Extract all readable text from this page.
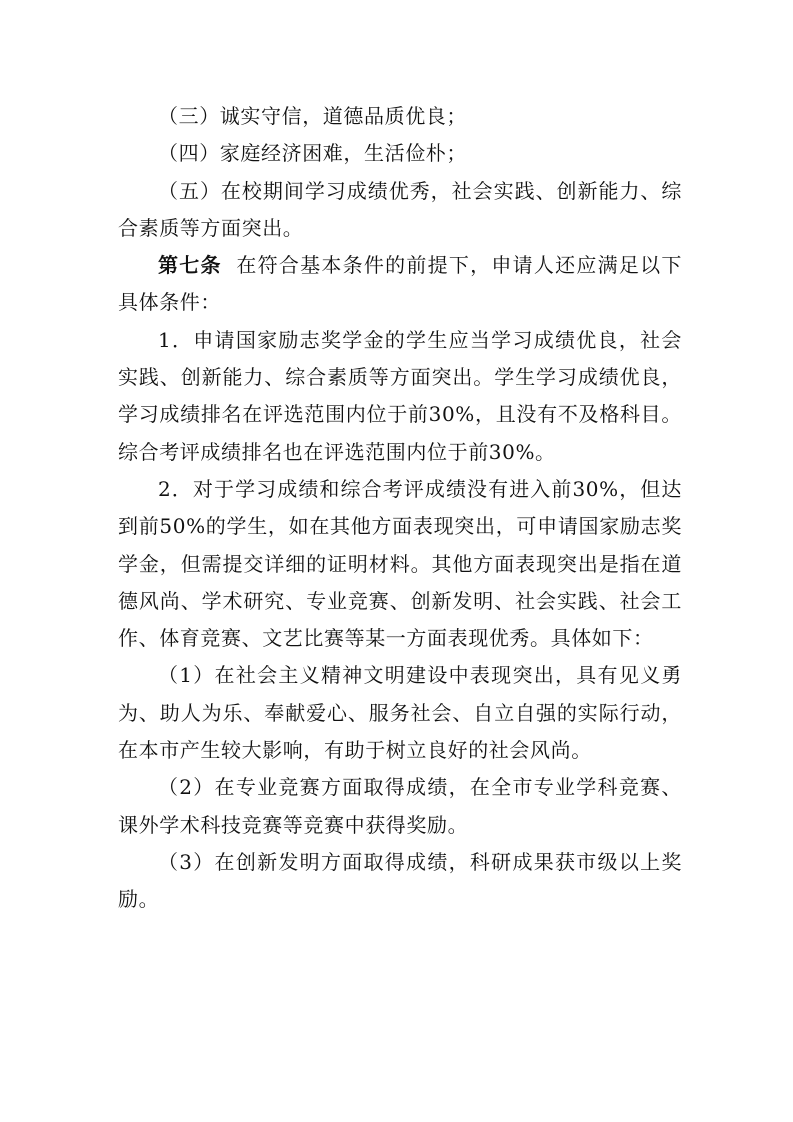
（三）诚实守信，道德品质优良；

（四）家庭经济困难，生活俭朴；

（五）在校期间学习成绩优秀，社会实践、创新能力、综合素质等方面突出。

第七条 在符合基本条件的前提下，申请人还应满足以下具体条件：

1．申请国家励志奖学金的学生应当学习成绩优良，社会实践、创新能力、综合素质等方面突出。学生学习成绩优良，学习成绩排名在评选范围内位于前30%，且没有不及格科目。综合考评成绩排名也在评选范围内位于前30%。

2．对于学习成绩和综合考评成绩没有进入前30%，但达到前50%的学生，如在其他方面表现突出，可申请国家励志奖学金，但需提交详细的证明材料。其他方面表现突出是指在道德风尚、学术研究、专业竞赛、创新发明、社会实践、社会工作、体育竞赛、文艺比赛等某一方面表现优秀。具体如下：

（1）在社会主义精神文明建设中表现突出，具有见义勇为、助人为乐、奉献爱心、服务社会、自立自强的实际行动，在本市产生较大影响，有助于树立良好的社会风尚。

（2）在专业竞赛方面取得成绩，在全市专业学科竞赛、课外学术科技竞赛等竞赛中获得奖励。

（3）在创新发明方面取得成绩，科研成果获市级以上奖励。
